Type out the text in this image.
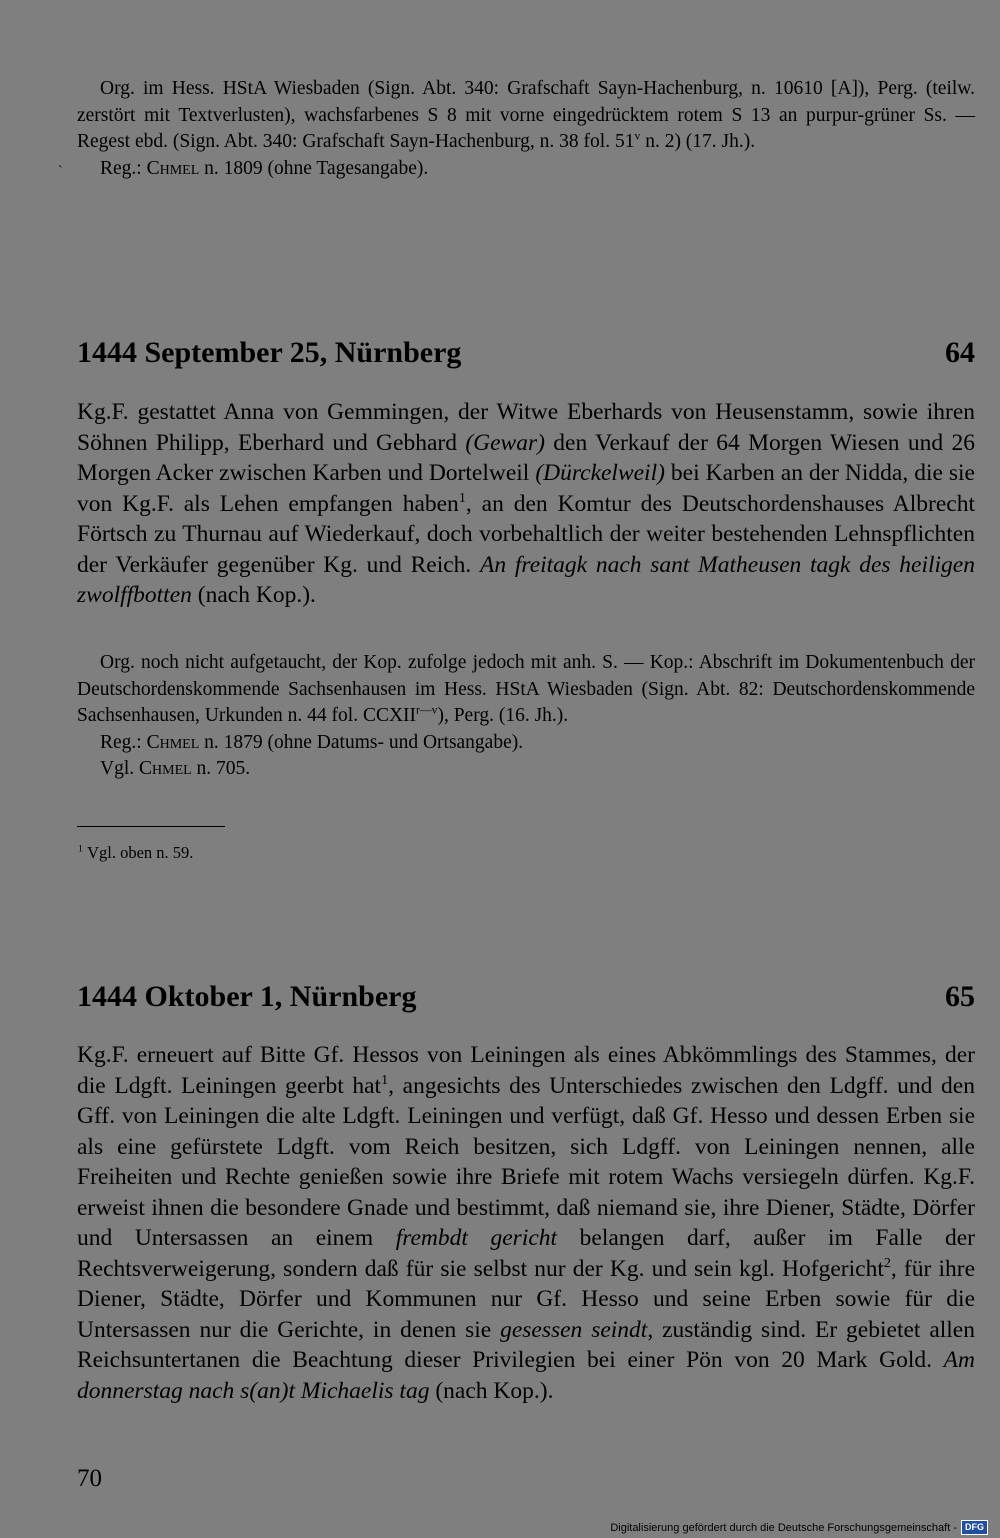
`

Org. im Hess. HStA Wiesbaden (Sign. Abt. 340: Grafschaft Sayn-Hachenburg, n. 10610 [A]), Perg. (teilw. zerstört mit Textverlusten), wachsfarbenes S 8 mit vorne eingedrücktem rotem S 13 an purpur-grüner Ss. — Regest ebd. (Sign. Abt. 340: Grafschaft Sayn-Hachenburg, n. 38 fol. 51$^v$ n. 2) (17. Jh.).

Reg.: Chmel n. 1809 (ohne Tagesangabe).

1444 September 25, Nürnberg	64

Kg.F. gestattet Anna von Gemmingen, der Witwe Eberhards von Heusenstamm, sowie ihren Söhnen Philipp, Eberhard und Gebhard (Gewar) den Verkauf der 64 Morgen Wiesen und 26 Morgen Acker zwischen Karben und Dortelweil (Dürckelweil) bei Karben an der Nidda, die sie von Kg.F. als Lehen empfangen haben$^1$, an den Komtur des Deutschordenshauses Albrecht Förtsch zu Thurnau auf Wiederkauf, doch vorbehaltlich der weiter bestehenden Lehnspflichten der Verkäufer gegenüber Kg. und Reich. An freitagk nach sant Matheusen tagk des heiligen zwolffbotten (nach Kop.).

Org. noch nicht aufgetaucht, der Kop. zufolge jedoch mit anh. S. — Kop.: Abschrift im Dokumentenbuch der Deutschordenskommende Sachsenhausen im Hess. HStA Wiesbaden (Sign. Abt. 82: Deutschordenskommende Sachsenhausen, Urkunden n. 44 fol. $CCXII^{r—v}$), Perg. (16. Jh.).

Reg.: Chmel n. 1879 (ohne Datums- und Ortsangabe).

Vgl. Chmel n. 705.

$^1$ Vgl. oben n. 59.
1444 Oktober 1, Nürnberg	65

Kg.F. erneuert auf Bitte Gf. Hessos von Leiningen als eines Abkömmlings des Stammes, der die Ldgft. Leiningen geerbt hat$^1$, angesichts des Unterschiedes zwischen den Ldgff. und den Gff. von Leiningen die alte Ldgft. Leiningen und verfügt, daß Gf. Hesso und dessen Erben sie als eine gefürstete Ldgft. vom Reich besitzen, sich Ldgff. von Leiningen nennen, alle Freiheiten und Rechte genießen sowie ihre Briefe mit rotem Wachs versiegeln dürfen. Kg.F. erweist ihnen die besondere Gnade und bestimmt, daß niemand sie, ihre Diener, Städte, Dörfer und Untersassen an einem frembdt gericht belangen darf, außer im Falle der Rechtsverweigerung, sondern daß für sie selbst nur der Kg. und sein kgl. Hofgericht$^2$, für ihre Diener, Städte, Dörfer und Kommunen nur Gf. Hesso und seine Erben sowie für die Untersassen nur die Gerichte, in denen sie gesessen seindt, zuständig sind. Er gebietet allen Reichsuntertanen die Beachtung dieser Privilegien bei einer Pön von 20 Mark Gold. Am donnerstag nach s(an)t Michaelis tag (nach Kop.).

70
Digitalisierung gefördert durch die Deutsche Forschungsgemeinschaft - DFG
